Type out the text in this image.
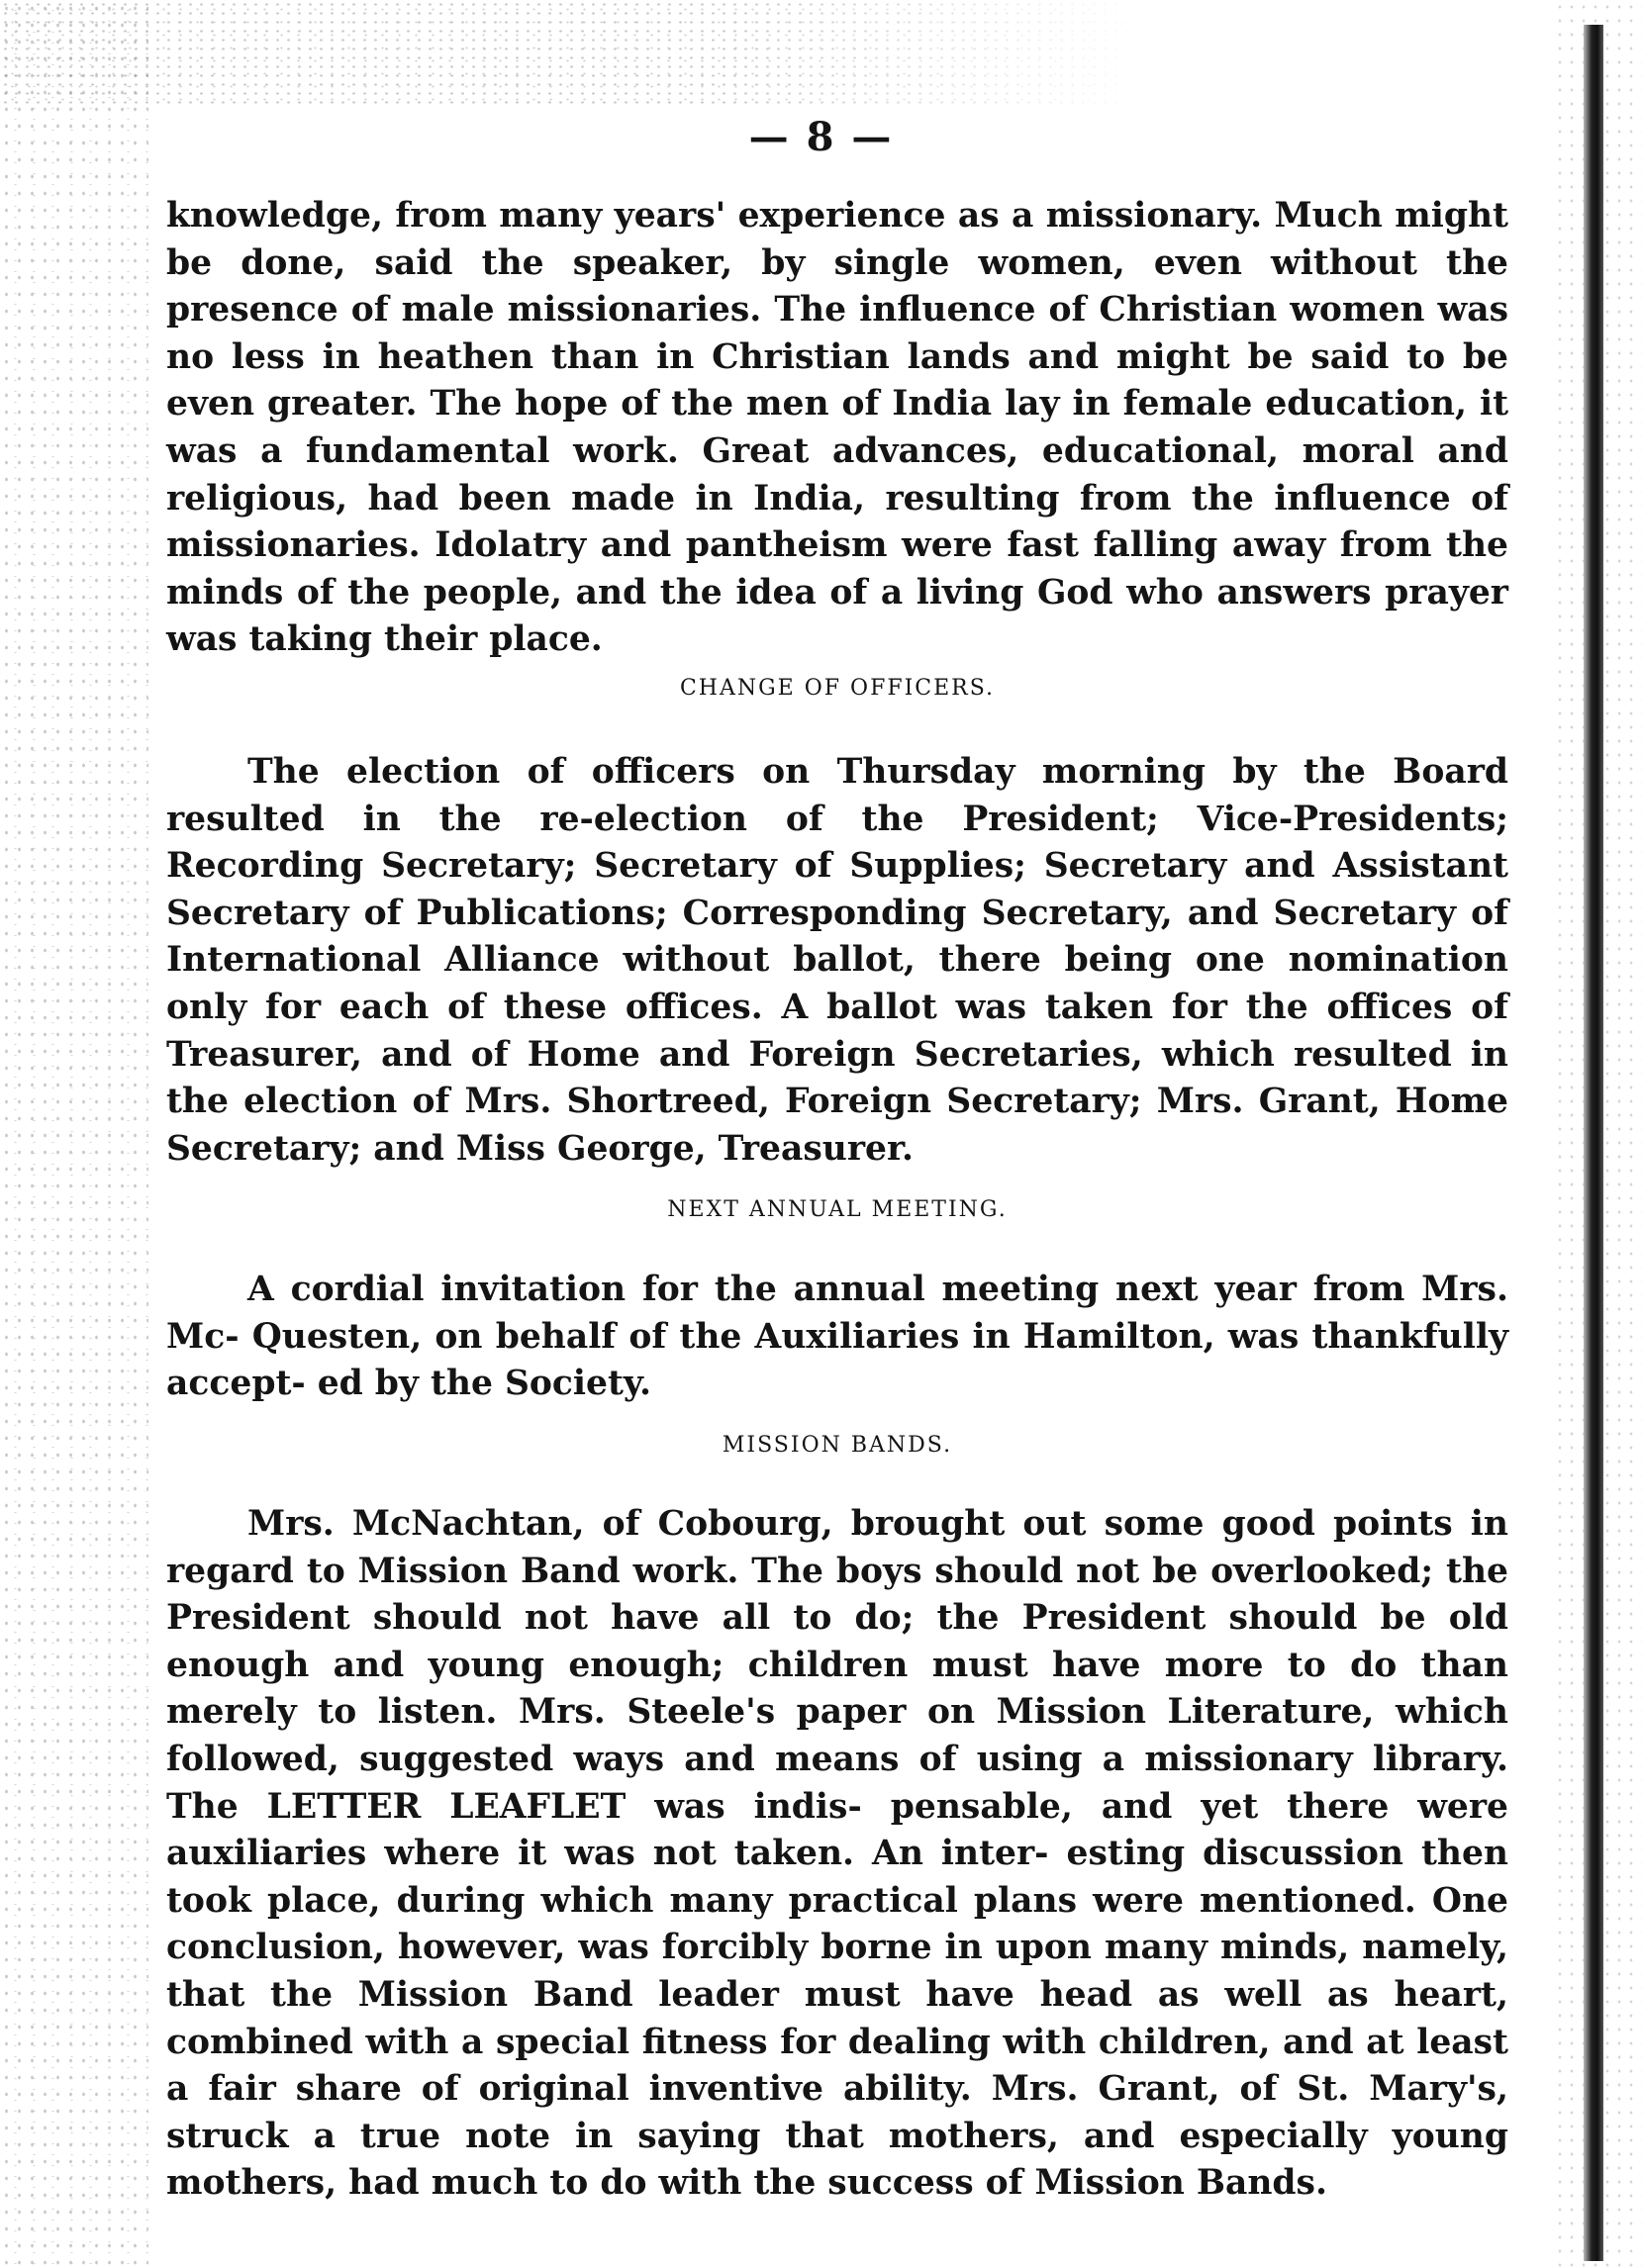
— 8 —

knowledge, from many years' experience as a missionary. Much might be done, said the speaker, by single women, even without the presence of male missionaries. The influence of Christian women was no less in heathen than in Christian lands and might be said to be even greater. The hope of the men of India lay in female education, it was a fundamental work. Great advances, educational, moral and religious, had been made in India, resulting from the influence of missionaries. Idolatry and pantheism were fast falling away from the minds of the people, and the idea of a living God who answers prayer was taking their place.

CHANGE OF OFFICERS.

The election of officers on Thursday morning by the Board resulted in the re-election of the President; Vice-Presidents; Recording Secretary; Secretary of Supplies; Secretary and Assistant Secretary of Publications; Corresponding Secretary, and Secretary of International Alliance without ballot, there being one nomination only for each of these offices. A ballot was taken for the offices of Treasurer, and of Home and Foreign Secretaries, which resulted in the election of Mrs. Shortreed, Foreign Secretary; Mrs. Grant, Home Secretary; and Miss George, Treasurer.

NEXT ANNUAL MEETING.

A cordial invitation for the annual meeting next year from Mrs. Mc- Questen, on behalf of the Auxiliaries in Hamilton, was thankfully accept- ed by the Society.

MISSION BANDS.

Mrs. McNachtan, of Cobourg, brought out some good points in regard to Mission Band work. The boys should not be overlooked; the President should not have all to do; the President should be old enough and young enough; children must have more to do than merely to listen. Mrs. Steele's paper on Mission Literature, which followed, suggested ways and means of using a missionary library. The LETTER LEAFLET was indis- pensable, and yet there were auxiliaries where it was not taken. An inter- esting discussion then took place, during which many practical plans were mentioned. One conclusion, however, was forcibly borne in upon many minds, namely, that the Mission Band leader must have head as well as heart, combined with a special fitness for dealing with children, and at least a fair share of original inventive ability. Mrs. Grant, of St. Mary's, struck a true note in saying that mothers, and especially young mothers, had much to do with the success of Mission Bands.
